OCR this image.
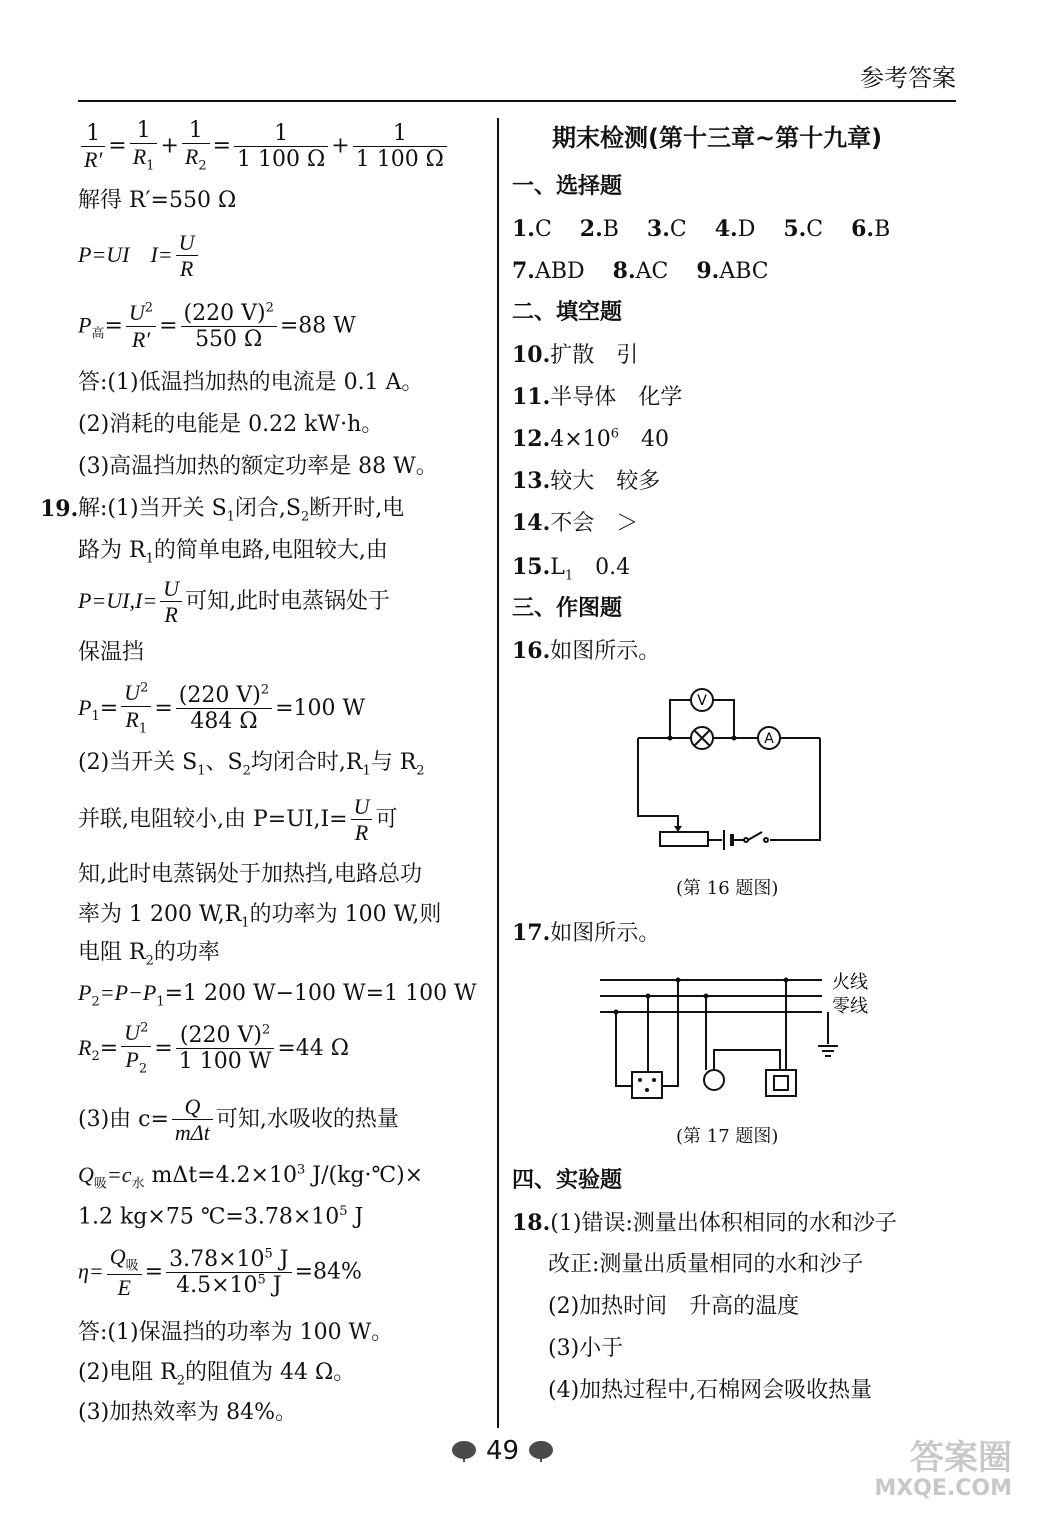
参考答案
$\frac{1}{R'} = \frac{1}{R_1} + \frac{1}{R_2} = \frac{1}{1 100 \Omega} + \frac{1}{1 100 \Omega}$
解得 R′=550 Ω
P=UI $I= \frac{U}{R}$
$P_高= \frac{U^2}{R'} = \frac{(220 V)^2}{550 \Omega} =88$ W
答:(1)低温挡加热的电流是 0.1 A。
(2)消耗的电能是 0.22 kW·h。
(3)高温挡加热的额定功率是 88 W。
19. 解:(1)当开关 $S_1$闭合$,S_2$断开时,电
路为 $R_1$的简单电路,电阻较大,由
$P=UI,I= \frac{U}{R}$ 可知,此时电蒸锅处于
保温挡
$P_1= \frac{U^2}{R_1} = \frac{(220 V)^2}{484 \Omega} =100$ W
(2)当开关 $S_1$、$S_2$均闭合时$,R_1$与 $R_2$
并联,电阻较小,由 $P=UI,I= \frac{U}{R}$ 可
知,此时电蒸锅处于加热挡,电路总功
率为 1 200 $W,R_1$的功率为 100 W,则
电阻 $R_2$的功率
$P_2=P-P_1=1$ 200 W−100 W=1 100 W
$R_2= \frac{U^2}{P_2} = \frac{(220 V)^2}{1 100 W} =44$ Ω
(3)由 $c= \frac{Q}{\text{mΔt}}$ 可知,水吸收的热量
$Q_吸=c_水$ $m\Delta t=4.2\times 10^3$ J/(kg·℃)×
1.2 kg×75 $℃=3.78\times 10^5$ J
$\eta= \frac{Q_吸}{E} = \frac{3.78\times 10^5 J}{4.5\times 10^5 J} =84\%$
答:(1)保温挡的功率为 100 W。
(2)电阻 $R_2$的阻值为 44 Ω。
(3)加热效率为 84%。
期末检测(第十三章~第十九章)
一、选择题
1.C 2.B 3.C 4.D 5.C 6.B
7.ABD 8.AC 9.ABC
二、填空题
10.扩散　引
11.半导体　化学
$12.4\times 10^6$　40
13.较大　较多
14.不会　＞
$15.L_1$　0.4
三、作图题
16.如图所示。
V
A
(第 16 题图)
17.如图所示。
火线
零线
(第 17 题图)
四、实验题
18.(1)错误:测量出体积相同的水和沙子
改正:测量出质量相同的水和沙子
(2)加热时间　升高的温度
(3)小于
(4)加热过程中,石棉网会吸收热量
49	答案圈
MXQE.COM
